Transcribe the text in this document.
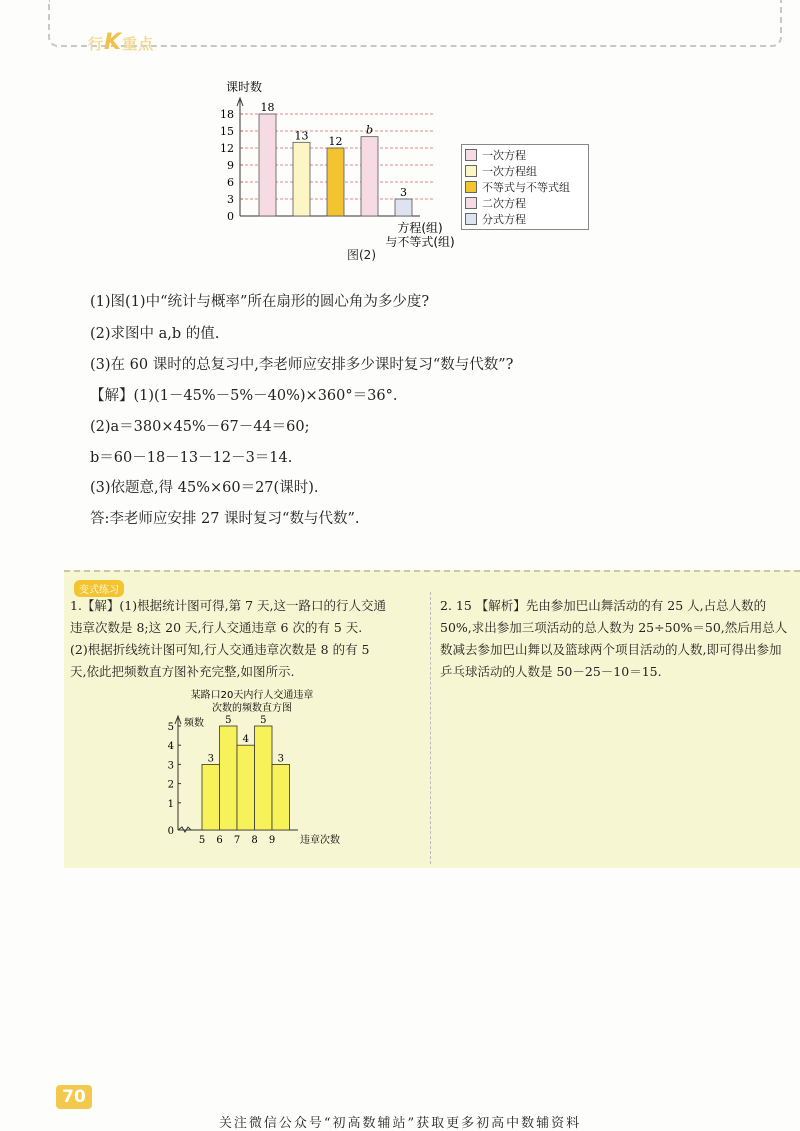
行K重点
课时数
0
3
6
9
12
15
18
18
13 12
b
3
方程(组)
与不等式(组)
图(2)
一次方程
一次方程组
不等式与不等式组
二次方程
分式方程
(1)图(1)中“统计与概率”所在扇形的圆心角为多少度?
(2)求图中 a,b 的值.
(3)在 60 课时的总复习中,李老师应安排多少课时复习“数与代数”?
【解】(1)(1－45%－5%－40%)×360°＝36°.
(2)a＝380×45%－67－44＝60;
b＝60－18－13－12－3＝14.
(3)依题意,得 45%×60＝27(课时).
答:李老师应安排 27 课时复习“数与代数”.
变式练习
1.【解】(1)根据统计图可得,第 7 天,这一路口的行人交通
违章次数是 8;这 20 天,行人交通违章 6 次的有 5 天.
(2)根据折线统计图可知,行人交通违章次数是 8 的有 5
天,依此把频数直方图补充完整,如图所示.
2. 15 【解析】先由参加巴山舞活动的有 25 人,占总人数的
50%,求出参加三项活动的总人数为 25÷50%＝50,然后用总人
数减去参加巴山舞以及篮球两个项目活动的人数,即可得出参加
乒乓球活动的人数是 50－25－10＝15.
某路口20天内行人交通违章
次数的频数直方图
频数
0
1
2
3
4
5
3
5
5
6
4
7
5
8
3
9 违章次数
70
关注微信公众号“初高数辅站”获取更多初高中数辅资料
